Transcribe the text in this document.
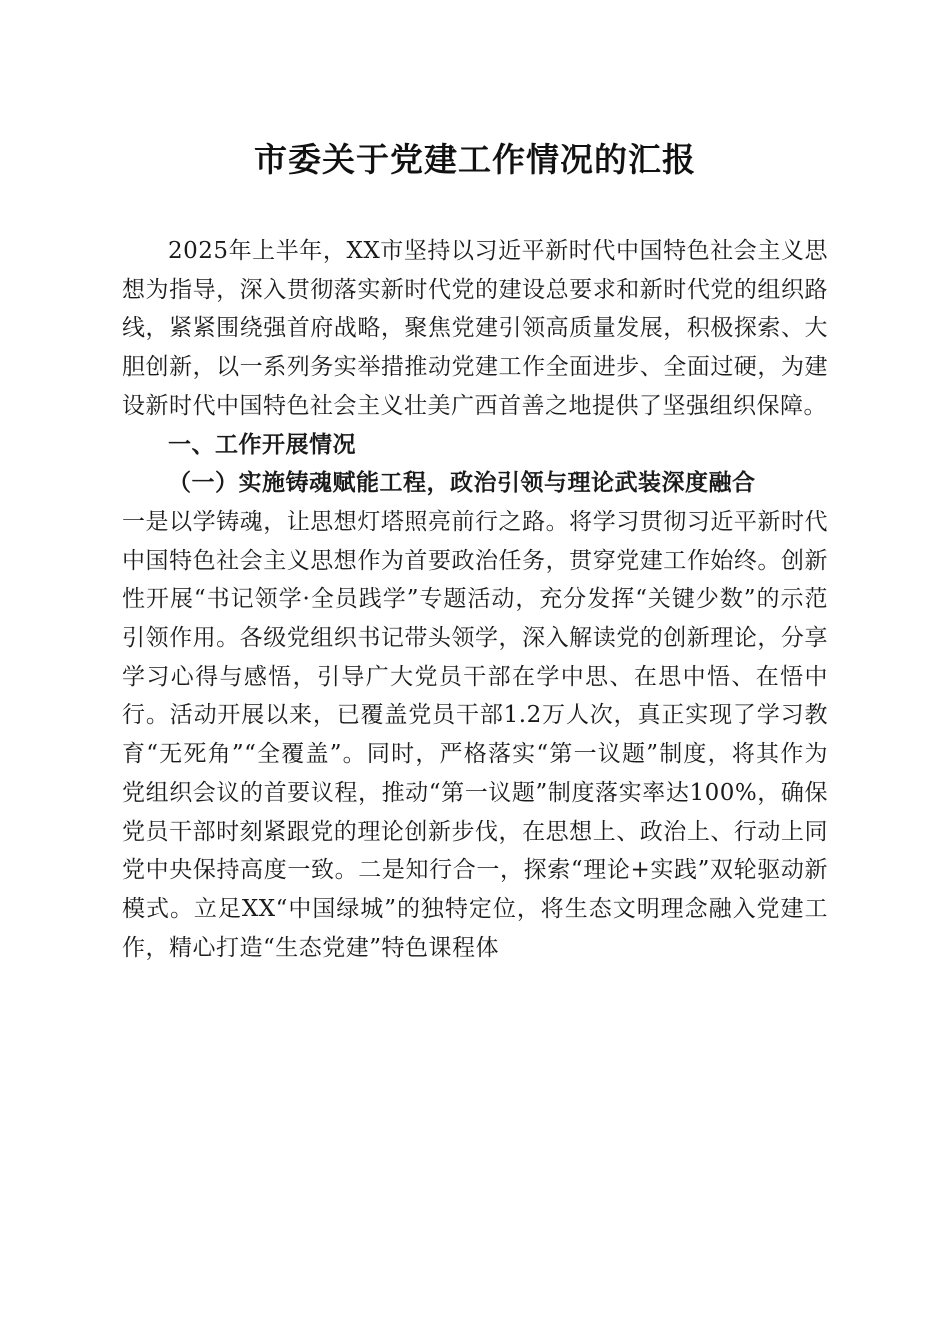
市委关于党建工作情况的汇报

2025年上半年，XX市坚持以习近平新时代中国特色社会主义思想为指导，深入贯彻落实新时代党的建设总要求和新时代党的组织路线，紧紧围绕强首府战略，聚焦党建引领高质量发展，积极探索、大胆创新，以一系列务实举措推动党建工作全面进步、全面过硬，为建设新时代中国特色社会主义壮美广西首善之地提供了坚强组织保障。

一、工作开展情况

（一）实施铸魂赋能工程，政治引领与理论武装深度融合

一是以学铸魂，让思想灯塔照亮前行之路。将学习贯彻习近平新时代中国特色社会主义思想作为首要政治任务，贯穿党建工作始终。创新性开展“书记领学·全员践学”专题活动，充分发挥“关键少数”的示范引领作用。各级党组织书记带头领学，深入解读党的创新理论，分享学习心得与感悟，引导广大党员干部在学中思、在思中悟、在悟中行。活动开展以来，已覆盖党员干部1.2万人次，真正实现了学习教育“无死角”“全覆盖”。同时，严格落实“第一议题”制度，将其作为党组织会议的首要议程，推动“第一议题”制度落实率达100%，确保党员干部时刻紧跟党的理论创新步伐，在思想上、政治上、行动上同党中央保持高度一致。二是知行合一，探索“理论+实践”双轮驱动新模式。立足XX“中国绿城”的独特定位，将生态文明理念融入党建工作，精心打造“生态党建”特色课程体
